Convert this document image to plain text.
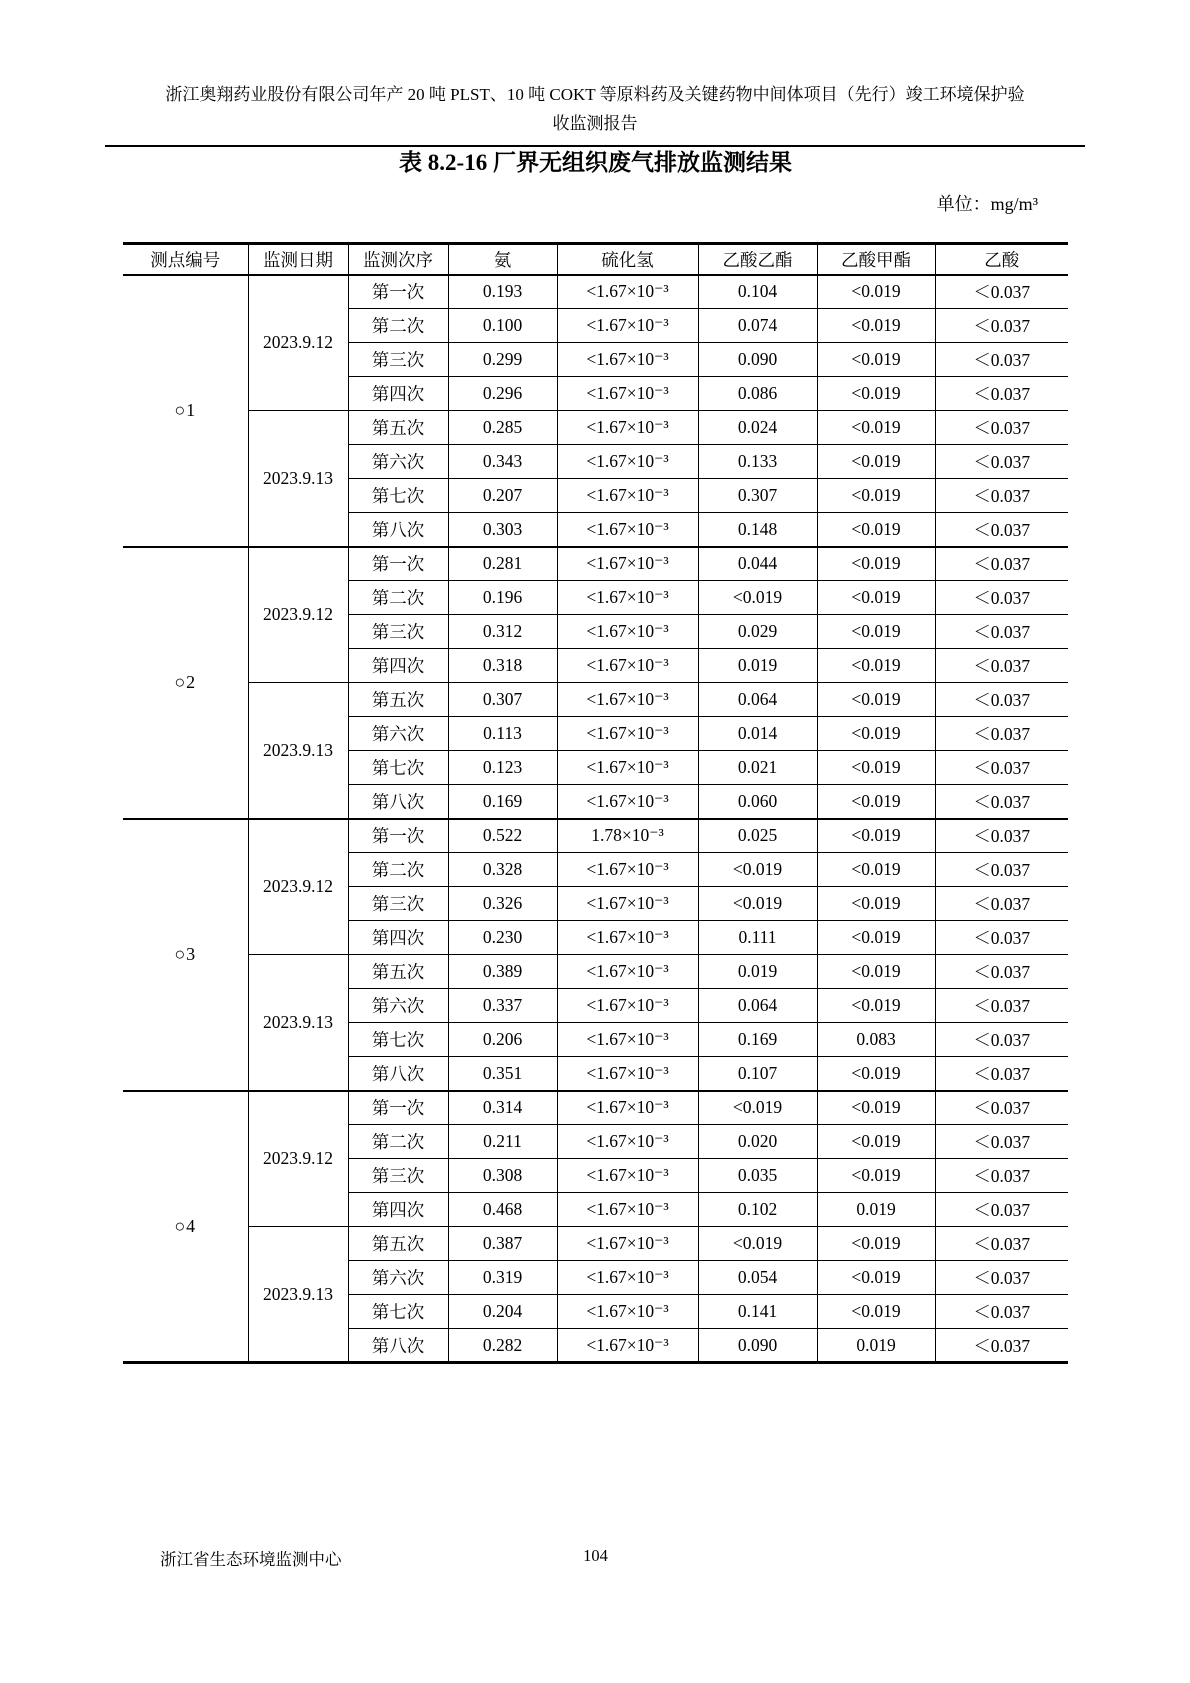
浙江奥翔药业股份有限公司年产 20 吨 PLST、10 吨 COKT 等原料药及关键药物中间体项目（先行）竣工环境保护验
收监测报告
表 8.2-16 厂界无组织废气排放监测结果
单位：mg/m³
测点编号	监测日期	监测次序	氨	硫化氢	乙酸乙酯	乙酸甲酯	乙酸
○1	2023.9.12	第一次	0.193	<1.67×10⁻³	0.104	<0.019	＜0.037
		第二次	0.100	<1.67×10⁻³	0.074	<0.019	＜0.037
		第三次	0.299	<1.67×10⁻³	0.090	<0.019	＜0.037
		第四次	0.296	<1.67×10⁻³	0.086	<0.019	＜0.037
	2023.9.13	第五次	0.285	<1.67×10⁻³	0.024	<0.019	＜0.037
		第六次	0.343	<1.67×10⁻³	0.133	<0.019	＜0.037
		第七次	0.207	<1.67×10⁻³	0.307	<0.019	＜0.037
		第八次	0.303	<1.67×10⁻³	0.148	<0.019	＜0.037
○2	2023.9.12	第一次	0.281	<1.67×10⁻³	0.044	<0.019	＜0.037
		第二次	0.196	<1.67×10⁻³	<0.019	<0.019	＜0.037
		第三次	0.312	<1.67×10⁻³	0.029	<0.019	＜0.037
		第四次	0.318	<1.67×10⁻³	0.019	<0.019	＜0.037
	2023.9.13	第五次	0.307	<1.67×10⁻³	0.064	<0.019	＜0.037
		第六次	0.113	<1.67×10⁻³	0.014	<0.019	＜0.037
		第七次	0.123	<1.67×10⁻³	0.021	<0.019	＜0.037
		第八次	0.169	<1.67×10⁻³	0.060	<0.019	＜0.037
○3	2023.9.12	第一次	0.522	1.78×10⁻³	0.025	<0.019	＜0.037
		第二次	0.328	<1.67×10⁻³	<0.019	<0.019	＜0.037
		第三次	0.326	<1.67×10⁻³	<0.019	<0.019	＜0.037
		第四次	0.230	<1.67×10⁻³	0.111	<0.019	＜0.037
	2023.9.13	第五次	0.389	<1.67×10⁻³	0.019	<0.019	＜0.037
		第六次	0.337	<1.67×10⁻³	0.064	<0.019	＜0.037
		第七次	0.206	<1.67×10⁻³	0.169	0.083	＜0.037
		第八次	0.351	<1.67×10⁻³	0.107	<0.019	＜0.037
○4	2023.9.12	第一次	0.314	<1.67×10⁻³	<0.019	<0.019	＜0.037
		第二次	0.211	<1.67×10⁻³	0.020	<0.019	＜0.037
		第三次	0.308	<1.67×10⁻³	0.035	<0.019	＜0.037
		第四次	0.468	<1.67×10⁻³	0.102	0.019	＜0.037
	2023.9.13	第五次	0.387	<1.67×10⁻³	<0.019	<0.019	＜0.037
		第六次	0.319	<1.67×10⁻³	0.054	<0.019	＜0.037
		第七次	0.204	<1.67×10⁻³	0.141	<0.019	＜0.037
		第八次	0.282	<1.67×10⁻³	0.090	0.019	＜0.037
浙江省生态环境监测中心	104
